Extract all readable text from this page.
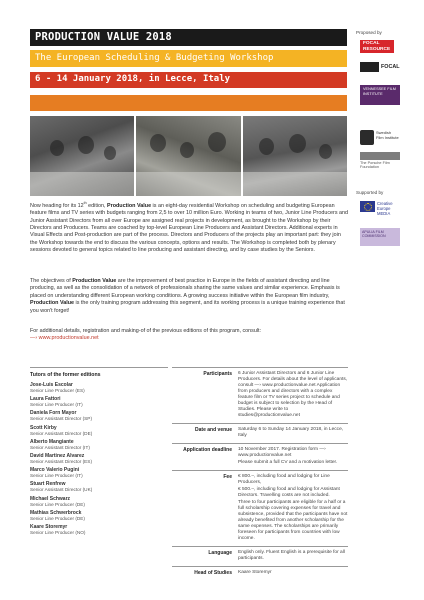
PRODUCTION VALUE 2018
The European Scheduling & Budgeting Workshop
6 - 14 January 2018, in Lecce, Italy

Now heading for its 12th edition, Production Value is an eight-day residential Workshop on scheduling and budgeting European feature films and TV series with budgets ranging from 2,5 to over 10 million Euro. Working in teams of two, Junior Line Producers and Junior Assistant Directors from all over Europe are assigned real projects in development, as brought to the Workshop by their Directors and Producers. Teams are coached by top-level European Line Producers and Assistant Directors. Additional experts in Visual Effects and Post-production are part of the process. Directors and Producers of the projects play an important part: they join the Workshop towards the end to discuss the various concepts, options and results. The Workshop is completed both by plenary sessions devoted to general topics related to line producing and assistant directing, and by case studies by the Seniors.

The objectives of Production Value are the improvement of best practice in Europe in the fields of assistant directing and line producing, as well as the consolidation of a network of professionals sharing the same values and similar experience. Emphasis is placed on understanding different European working conditions. A growing success initiative within the European film industry, Production Value is the only training program addressing this segment, and its working process is a unique training experience that you won't forget!

For additional details, registration and making-of of the previous editions of this program, consult:
—› www.productionvalue.net
Proposed by
FOCAL RESOURCE
FOCAL
VENNESSEE FILM INSTITUTE
Swedish
Film Institute
The Porsche Film Foundation
Supported by
Creative
Europe
MEDIA
APULIA FILM COMMISSION
Tutors of the former editions
Jose-Luis Escolar
Senior Line Producer (ES)
Laura Fattori
Senior Line Producer (IT)
Daniela Forn Mayor
Senior Assistant Director (SP)
Scott Kirby
Senior Assistant Director (DE)
Alberto Mangiante
Senior Assistant Director (IT)
David Martinez Alvarez
Senior Assistant Director (ES)
Marco Valerio Pugini
Senior Line Producer (IT)
Stuart Renfrew
Senior Assistant Director (UK)
Michael Schwarz
Senior Line Producer (DE)
Mathias Schwerbrock
Senior Line Producer (DE)
Kaare Storemyr
Senior Line Producer (NO)
Participants	6 Junior Assistant Directors and 6 Junior Line Producers. For details about the level of applicants, consult —› www.productionvalue.net Application from producers and directors with a complex feature film or TV series project to schedule and budget is subject to selection by the Head of Studies. Please write to studies@productionvalue.net
Date and venue	Saturday 6 to Sunday 14 January 2018, in Lecce, Italy
Application deadline	10 November 2017. Registration form —› www.productionvalue.net

Please submit a full CV and a motivation letter.

Fee	€ 800.–, including food and lodging for Line Producers,

€ 500.–, including food and lodging for Assistant Directors. Travelling costs are not included.

Three to four participants are eligible for a half or a full scholarship covering expenses for travel and subsistence, provided that the participants have not already benefited from another scholarship for the same expenses. The scholarships are primarily foreseen for participants from countries with low income.

Language	English only. Fluent English is a prerequisite for all participants.
Head of Studies	Kaare Storemyr
